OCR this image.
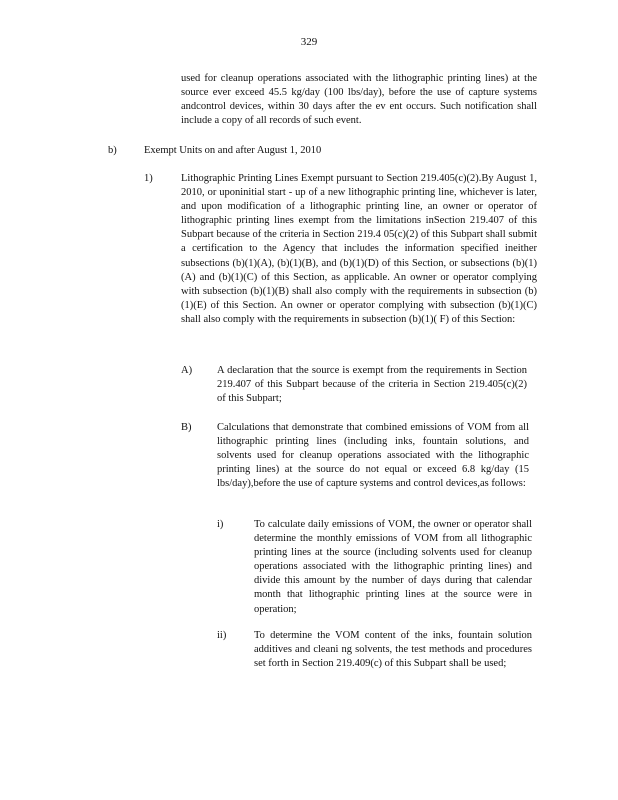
329
used for cleanup operations associated with the lithographic printing lines) at the source ever exceed 45.5 kg/day (100 lbs/day), before the use of capture systems andcontrol devices, within 30 days after the ev ent occurs. Such notification shall include a copy of all records of such event.
b)	Exempt Units on and after August 1, 2010
1)	Lithographic Printing Lines Exempt pursuant to Section 219.405(c)(2).By August 1, 2010, or uponinitial start - up of a new lithographic printing line, whichever is later, and upon modification of a lithographic printing line, an owner or operator of lithographic printing lines exempt from the limitations inSection 219.407 of this Subpart because of the criteria in Section 219.4 05(c)(2) of this Subpart shall submit a certification to the Agency that includes the information specified ineither subsections (b)(1)(A), (b)(1)(B), and (b)(1)(D) of this Section, or subsections (b)(1)(A) and (b)(1)(C) of this Section, as applicable. An owner or operator complying with subsection (b)(1)(B) shall also comply with the requirements in subsection (b)(1)(E) of this Section. An owner or operator complying with subsection (b)(1)(C) shall also comply with the requirements in subsection (b)(1)( F) of this Section:
A) A declaration that the source is exempt from the requirements in Section 219.407 of this Subpart because of the criteria in Section 219.405(c)(2) of this Subpart;
B) Calculations that demonstrate that combined emissions of VOM from all lithographic printing lines (including inks, fountain solutions, and solvents used for cleanup operations associated with the lithographic printing lines) at the source do not equal or exceed 6.8 kg/day (15 lbs/day),before the use of capture systems and control devices,as follows:
i)	To calculate daily emissions of VOM, the owner or operator shall determine the monthly emissions of VOM from all lithographic printing lines at the source (including solvents used for cleanup operations associated with the lithographic printing lines) and divide this amount by the number of days during that calendar month that lithographic printing lines at the source were in operation;
ii)	To determine the VOM content of the inks, fountain solution additives and cleani ng solvents, the test methods and procedures set forth in Section 219.409(c) of this Subpart shall be used;
